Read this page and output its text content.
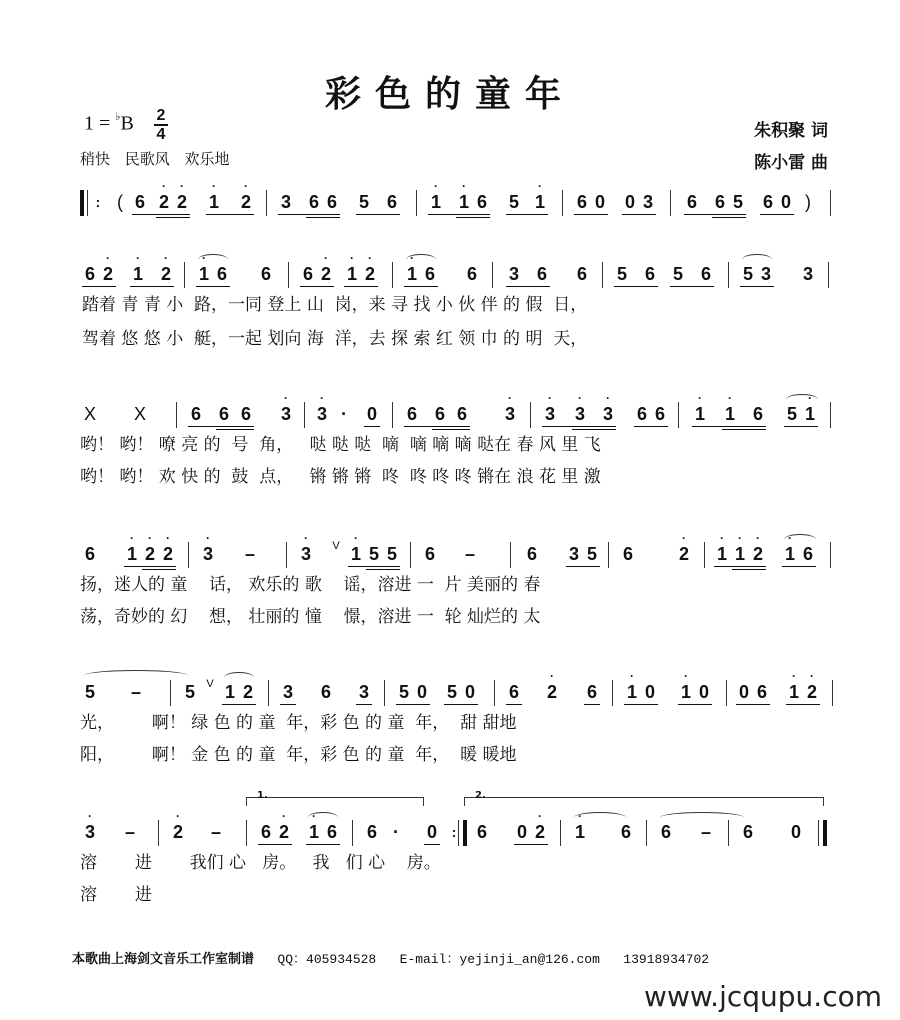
彩色的童年
1 = ♭B 2
4
稍快 民歌风 欢乐地
朱积聚 词
陈小雷 曲
: ( 6
·
2
·
2
·
1
·
2 3 6 6 5 6
·
1
·
1 6 5
·
1 6 0 0 3 6 6 5 6 0 )
6
·
2
·
1
·
2
·
1 6 6 6
·
2
·
1
·
2
·
1 6 6 3 6 6 5 6 5 6 5 3 3
踏着 青 青 小  路，一同 登上 山  岗，来 寻 找 小 伙 伴 的 假  日，
驾着 悠 悠 小  艇，一起 划向 海  洋，去 探 索 红 领 巾 的 明  天，
X X 6 6 6
·
3
·
3 · 0 6 6 6
·
3
·
3
·
3
·
3 6 6
·
1
·
1 6 5
·
1
哟！ 哟！ 嘹 亮 的  号  角，   哒 哒 哒  嘀  嘀 嘀 嘀 哒在 春 风 里 飞
哟！ 哟！ 欢 快 的  鼓  点，   锵 锵 锵  咚  咚 咚 咚 锵在 浪 花 里 激
6
·
1
·
2
·
2
·
3 –
·
3	V
·
1 5 5 6 –	6 3 5 6
·
2
·
1
·
1
·
2
·
1 6
扬，迷人的 童    话， 欢乐的 歌    谣，溶进 一  片 美丽的 春
荡，奇妙的 幻    想， 壮丽的 憧    憬，溶进 一  轮 灿烂的 太
5 – 5	V 1 2 3 6 3 5 0 5 0 6
·
2 6
·
1 0
·
1 0 0 6
·
1
·
2
光，       啊！ 绿 色 的 童  年，彩 色 的 童  年，  甜 甜地
阳，       啊！ 金 色 的 童  年，彩 色 的 童  年，  暖 暖地
1.	2.
·
3 –
·
2 – 6
·
2
·
1 6 6 · 0	:	6 0
·
2
·
1 6 6 – 6 0
溶       进       我们 心   房。   我   们 心    房。
溶       进
本歌曲上海剑文音乐工作室制谱 QQ：405934528 E-mail：yejinji_an@126.com 13918934702
www.jcqupu.com
